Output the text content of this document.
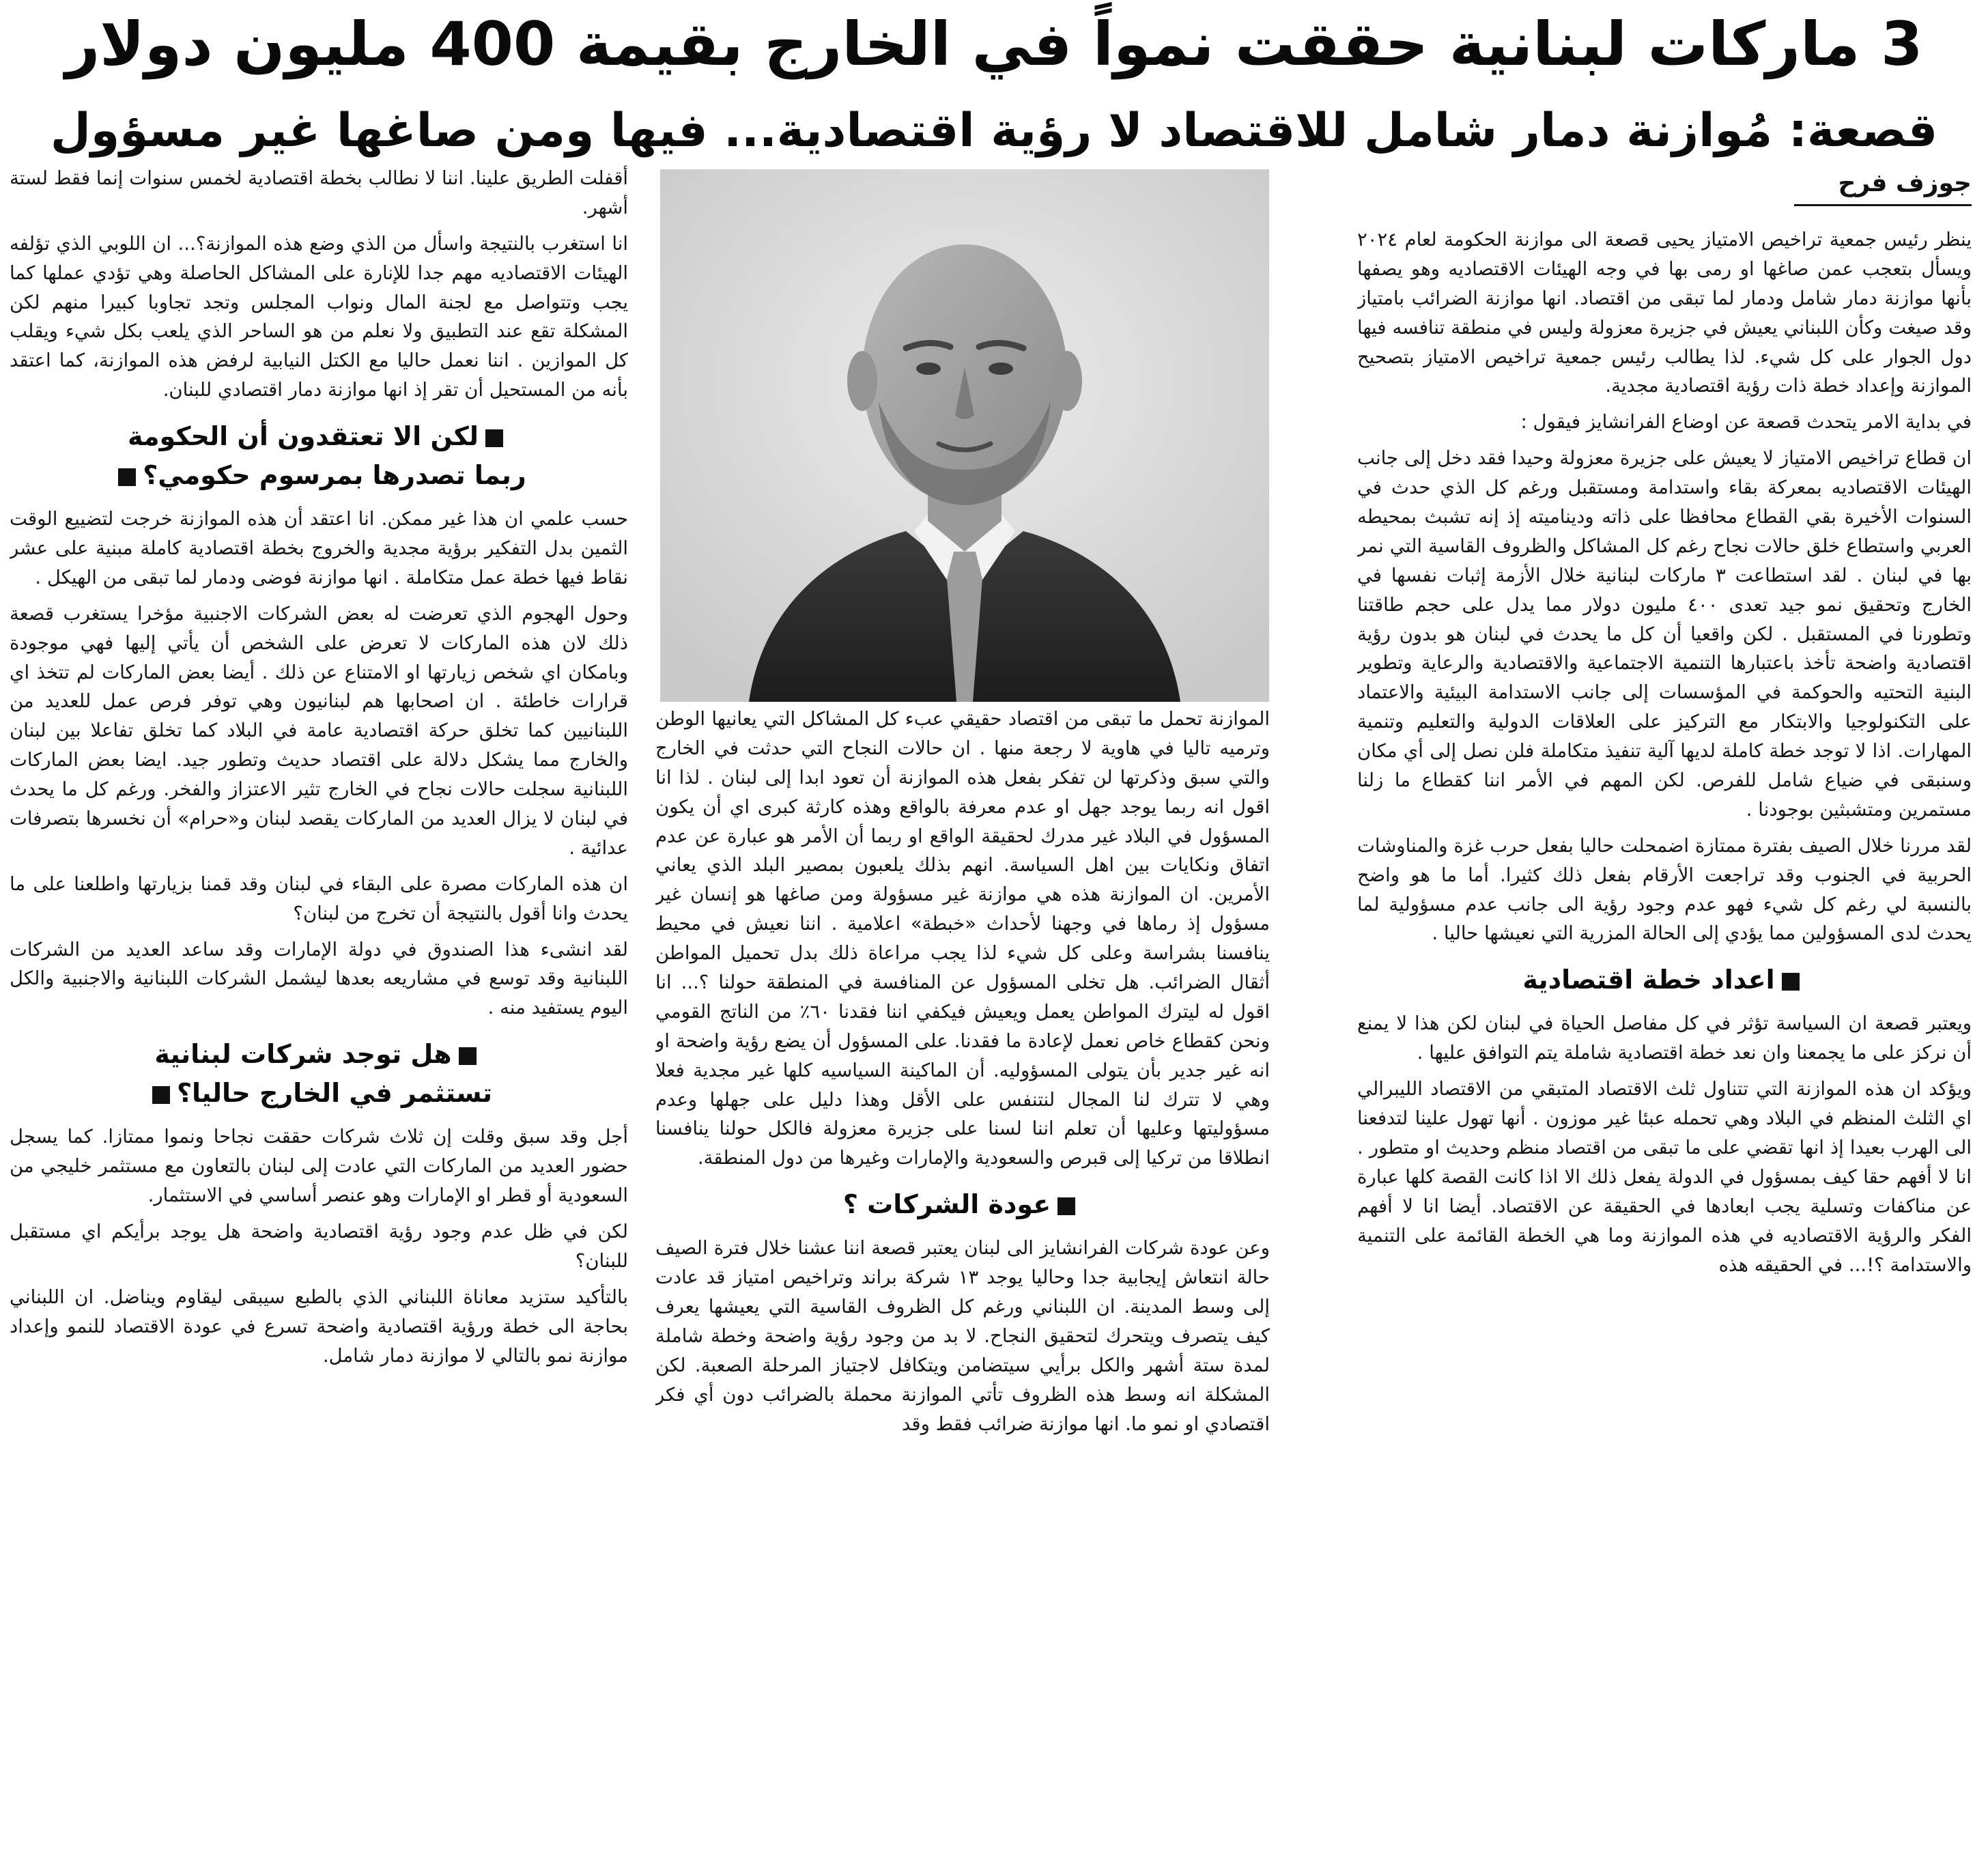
3 ماركات لبنانية حققت نمواً في الخارج بقيمة 400 مليون دولار
قصعة: مُوازنة دمار شامل للاقتصاد لا رؤية اقتصادية... فيها ومن صاغها غير مسؤول
جوزف فرح

ينظر رئيس جمعية تراخيص الامتياز يحيى قصعة الى موازنة الحكومة لعام ٢٠٢٤ ويسأل بتعجب عمن صاغها او رمى بها في وجه الهيئات الاقتصاديه وهو يصفها بأنها موازنة دمار شامل ودمار لما تبقى من اقتصاد. انها موازنة الضرائب بامتياز وقد صيغت وكأن اللبناني يعيش في جزيرة معزولة وليس في منطقة تنافسه فيها دول الجوار على كل شيء. لذا يطالب رئيس جمعية تراخيص الامتياز بتصحيح الموازنة وإعداد خطة ذات رؤية اقتصادية مجدية.

في بداية الامر يتحدث قصعة عن اوضاع الفرانشايز فيقول :

ان قطاع تراخيص الامتياز لا يعيش على جزيرة معزولة وحيدا فقد دخل إلى جانب الهيئات الاقتصاديه بمعركة بقاء واستدامة ومستقبل ورغم كل الذي حدث في السنوات الأخيرة بقي القطاع محافظا على ذاته وديناميته إذ إنه تشبث بمحيطه العربي واستطاع خلق حالات نجاح رغم كل المشاكل والظروف القاسية التي نمر بها في لبنان . لقد استطاعت ٣ ماركات لبنانية خلال الأزمة إثبات نفسها في الخارج وتحقيق نمو جيد تعدى ٤٠٠ مليون دولار مما يدل على حجم طاقتنا وتطورنا في المستقبل . لكن واقعيا أن كل ما يحدث في لبنان هو بدون رؤية اقتصادية واضحة تأخذ باعتبارها التنمية الاجتماعية والاقتصادية والرعاية وتطوير البنية التحتيه والحوكمة في المؤسسات إلى جانب الاستدامة البيئية والاعتماد على التكنولوجيا والابتكار مع التركيز على العلاقات الدولية والتعليم وتنمية المهارات. اذا لا توجد خطة كاملة لديها آلية تنفيذ متكاملة فلن نصل إلى أي مكان وسنبقى في ضياع شامل للفرص. لكن المهم في الأمر اننا كقطاع ما زلنا مستمرين ومتشبثين بوجودنا .

لقد مررنا خلال الصيف بفترة ممتازة اضمحلت حاليا بفعل حرب غزة والمناوشات الحربية في الجنوب وقد تراجعت الأرقام بفعل ذلك كثيرا. أما ما هو واضح بالنسبة لي رغم كل شيء فهو عدم وجود رؤية الى جانب عدم مسؤولية لما يحدث لدى المسؤولين مما يؤدي إلى الحالة المزرية التي نعيشها حاليا .

اعداد خطة اقتصادية

ويعتبر قصعة ان السياسة تؤثر في كل مفاصل الحياة في لبنان لكن هذا لا يمنع أن نركز على ما يجمعنا وان نعد خطة اقتصادية شاملة يتم التوافق عليها .

ويؤكد ان هذه الموازنة التي تتناول ثلث الاقتصاد المتبقي من الاقتصاد الليبرالي اي الثلث المنظم في البلاد وهي تحمله عبئا غير موزون . أنها تهول علينا لتدفعنا الى الهرب بعيدا إذ انها تقضي على ما تبقى من اقتصاد منظم وحديث او متطور . انا لا أفهم حقا كيف بمسؤول في الدولة يفعل ذلك الا اذا كانت القصة كلها عبارة عن مناكفات وتسلية يجب ابعادها في الحقيقة عن الاقتصاد. أيضا انا لا أفهم الفكر والرؤية الاقتصاديه في هذه الموازنة وما هي الخطة القائمة على التنمية والاستدامة ؟!... في الحقيقه هذه

الموازنة تحمل ما تبقى من اقتصاد حقيقي عبء كل المشاكل التي يعانيها الوطن وترميه تاليا في هاوية لا رجعة منها . ان حالات النجاح التي حدثت في الخارج والتي سبق وذكرتها لن تفكر بفعل هذه الموازنة أن تعود ابدا إلى لبنان . لذا انا اقول انه ربما يوجد جهل او عدم معرفة بالواقع وهذه كارثة كبرى اي أن يكون المسؤول في البلاد غير مدرك لحقيقة الواقع او ربما أن الأمر هو عبارة عن عدم اتفاق ونكايات بين اهل السياسة. انهم بذلك يلعبون بمصير البلد الذي يعاني الأمرين. ان الموازنة هذه هي موازنة غير مسؤولة ومن صاغها هو إنسان غير مسؤول إذ رماها في وجهنا لأحداث «خبطة» اعلامية . اننا نعيش في محيط ينافسنا بشراسة وعلى كل شيء لذا يجب مراعاة ذلك بدل تحميل المواطن أثقال الضرائب. هل تخلى المسؤول عن المنافسة في المنطقة حولنا ؟... انا اقول له ليترك المواطن يعمل ويعيش فيكفي اننا فقدنا ٦٠٪ من الناتج القومي ونحن كقطاع خاص نعمل لإعادة ما فقدنا. على المسؤول أن يضع رؤية واضحة او انه غير جدير بأن يتولى المسؤوليه. أن الماكينة السياسيه كلها غير مجدية فعلا وهي لا تترك لنا المجال لنتنفس على الأقل وهذا دليل على جهلها وعدم مسؤوليتها وعليها أن تعلم اننا لسنا على جزيرة معزولة فالكل حولنا ينافسنا انطلاقا من تركيا إلى قبرص والسعودية والإمارات وغيرها من دول المنطقة.

عودة الشركات ؟

وعن عودة شركات الفرانشايز الى لبنان يعتبر قصعة اننا عشنا خلال فترة الصيف حالة انتعاش إيجابية جدا وحاليا يوجد ١٣ شركة براند وتراخيص امتياز قد عادت إلى وسط المدينة. ان اللبناني ورغم كل الظروف القاسية التي يعيشها يعرف كيف يتصرف ويتحرك لتحقيق النجاح. لا بد من وجود رؤية واضحة وخطة شاملة لمدة ستة أشهر والكل برأيي سيتضامن ويتكافل لاجتياز المرحلة الصعبة. لكن المشكلة انه وسط هذه الظروف تأتي الموازنة محملة بالضرائب دون أي فكر اقتصادي او نمو ما. انها موازنة ضرائب فقط وقد

أقفلت الطريق علينا. اننا لا نطالب بخطة اقتصادية لخمس سنوات إنما فقط لستة أشهر.

انا استغرب بالنتيجة واسأل من الذي وضع هذه الموازنة؟... ان اللوبي الذي تؤلفه الهيئات الاقتصاديه مهم جدا للإنارة على المشاكل الحاصلة وهي تؤدي عملها كما يجب وتتواصل مع لجنة المال ونواب المجلس وتجد تجاوبا كبيرا منهم لكن المشكلة تقع عند التطبيق ولا نعلم من هو الساحر الذي يلعب بكل شيء ويقلب كل الموازين . اننا نعمل حاليا مع الكتل النيابية لرفض هذه الموازنة، كما اعتقد بأنه من المستحيل أن تقر إذ انها موازنة دمار اقتصادي للبنان.

لكن الا تعتقدون أن الحكومة
ربما تصدرها بمرسوم حكومي؟

حسب علمي ان هذا غير ممكن. انا اعتقد أن هذه الموازنة خرجت لتضييع الوقت الثمين بدل التفكير برؤية مجدية والخروج بخطة اقتصادية كاملة مبنية على عشر نقاط فيها خطة عمل متكاملة . انها موازنة فوضى ودمار لما تبقى من الهيكل .

وحول الهجوم الذي تعرضت له بعض الشركات الاجنبية مؤخرا يستغرب قصعة ذلك لان هذه الماركات لا تعرض على الشخص أن يأتي إليها فهي موجودة وبامكان اي شخص زيارتها او الامتناع عن ذلك . أيضا بعض الماركات لم تتخذ اي قرارات خاطئة . ان اصحابها هم لبنانيون وهي توفر فرص عمل للعديد من اللبنانيين كما تخلق حركة اقتصادية عامة في البلاد كما تخلق تفاعلا بين لبنان والخارج مما يشكل دلالة على اقتصاد حديث وتطور جيد. ايضا بعض الماركات اللبنانية سجلت حالات نجاح في الخارج تثير الاعتزاز والفخر. ورغم كل ما يحدث في لبنان لا يزال العديد من الماركات يقصد لبنان و«حرام» أن نخسرها بتصرفات عدائية .

ان هذه الماركات مصرة على البقاء في لبنان وقد قمنا بزيارتها واطلعنا على ما يحدث وانا أقول بالنتيجة أن تخرج من لبنان؟

لقد انشىء هذا الصندوق في دولة الإمارات وقد ساعد العديد من الشركات اللبنانية وقد توسع في مشاريعه بعدها ليشمل الشركات اللبنانية والاجنبية والكل اليوم يستفيد منه .

هل توجد شركات لبنانية
تستثمر في الخارج حاليا؟

أجل وقد سبق وقلت إن ثلاث شركات حققت نجاحا ونموا ممتازا. كما يسجل حضور العديد من الماركات التي عادت إلى لبنان بالتعاون مع مستثمر خليجي من السعودية أو قطر او الإمارات وهو عنصر أساسي في الاستثمار.

لكن في ظل عدم وجود رؤية اقتصادية واضحة هل يوجد برأيكم اي مستقبل للبنان؟

بالتأكيد ستزيد معاناة اللبناني الذي بالطبع سيبقى ليقاوم ويناضل. ان اللبناني بحاجة الى خطة ورؤية اقتصادية واضحة تسرع في عودة الاقتصاد للنمو وإعداد موازنة نمو بالتالي لا موازنة دمار شامل.
